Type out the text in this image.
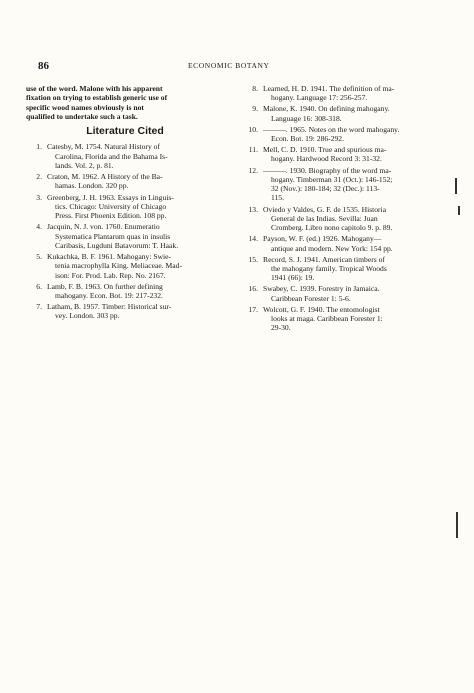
86	ECONOMIC BOTANY

use of the word. Malone with his apparent
fixation on trying to establish generic use of
specific wood names obviously is not
qualified to undertake such a task.

Literature Cited
1. Catesby, M. 1754. Natural History of
Carolina, Florida and the Bahama Is-
lands. Vol. 2, p. 81.
2. Craton, M. 1962. A History of the Ba-
hamas. London. 320 pp.
3. Greenberg, J. H. 1963. Essays in Linguis-
tics. Chicago: University of Chicago
Press. First Phoenix Edition. 108 pp.
4. Jacquin, N. J. von. 1760. Enumeratio
Systematica Plantarum quas in insulis
Caribasis, Lugduni Batavorum: T. Haak.
5. Kukachka, B. F. 1961. Mahogany: Swie-
tenia macrophylla King. Meliaceae. Mad-
ison: For. Prod. Lab. Rep. No. 2167.
6. Lamb, F. B. 1963. On further defining
mahogany. Econ. Bot. 19: 217-232.
7. Latham, B. 1957. Timber: Historical sur-
vey. London. 303 pp.
8. Learned, H. D. 1941. The definition of ma-
hogany. Language 17: 256-257.
9. Malone, K. 1940. On defining mahogany.
Language 16: 308-318.
10. ———. 1965. Notes on the word mahogany.
Econ. Bot. 19: 286-292.
11. Mell, C. D. 1910. True and spurious ma-
hogany. Hardwood Record 3: 31-32.
12. ———. 1930. Biography of the word ma-
hogany. Timberman 31 (Oct.): 146-152;
32 (Nov.): 180-184; 32 (Dec.): 113-
115.
13. Oviedo y Valdes, G. F. de 1535. Historia
General de las Indias. Sevilla: Juan
Cromberg. Libro nono capitolo 9. p. 89.
14. Payson, W. F. (ed.) 1926. Mahogany—
antique and modern. New York: 154 pp.
15. Record, S. J. 1941. American timbers of
the mahogany family. Tropical Woods
1941 (66): 19.
16. Swabey, C. 1939. Forestry in Jamaica.
Caribbean Forester 1: 5-6.
17. Wolcott, G. F. 1940. The entomologist
looks at maga. Caribbean Forester 1:
29-30.
